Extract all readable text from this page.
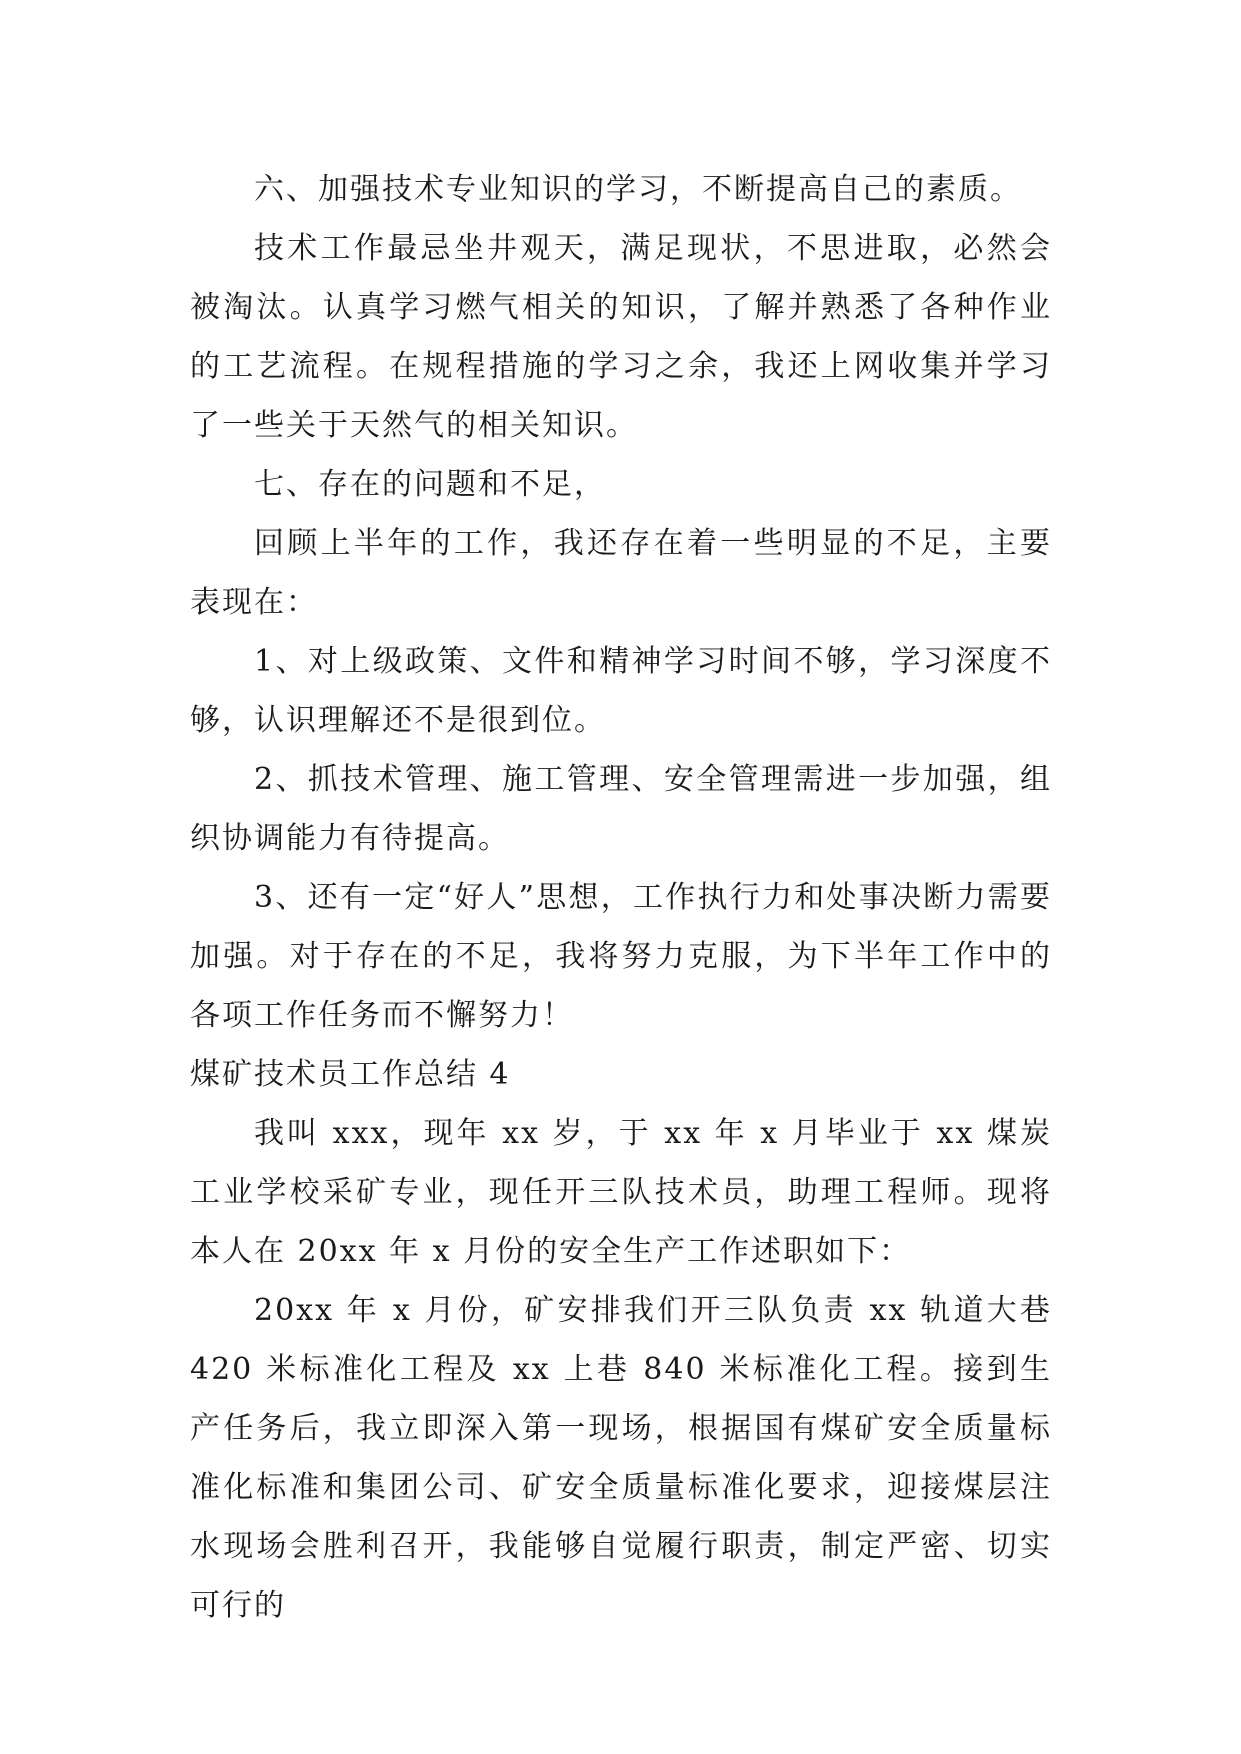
六、加强技术专业知识的学习，不断提高自己的素质。

技术工作最忌坐井观天，满足现状，不思进取，必然会被淘汰。认真学习燃气相关的知识，了解并熟悉了各种作业的工艺流程。在规程措施的学习之余，我还上网收集并学习了一些关于天然气的相关知识。

七、存在的问题和不足，

回顾上半年的工作，我还存在着一些明显的不足，主要表现在：

1、对上级政策、文件和精神学习时间不够，学习深度不够，认识理解还不是很到位。

2、抓技术管理、施工管理、安全管理需进一步加强，组织协调能力有待提高。

3、还有一定“好人”思想，工作执行力和处事决断力需要加强。对于存在的不足，我将努力克服，为下半年工作中的各项工作任务而不懈努力！

煤矿技术员工作总结 4

我叫 xxx，现年 xx 岁，于 xx 年 x 月毕业于 xx 煤炭工业学校采矿专业，现任开三队技术员，助理工程师。现将本人在 20xx 年 x 月份的安全生产工作述职如下：

20xx 年 x 月份，矿安排我们开三队负责 xx 轨道大巷 420 米标准化工程及 xx 上巷 840 米标准化工程。接到生产任务后，我立即深入第一现场，根据国有煤矿安全质量标准化标准和集团公司、矿安全质量标准化要求，迎接煤层注水现场会胜利召开，我能够自觉履行职责，制定严密、切实可行的
